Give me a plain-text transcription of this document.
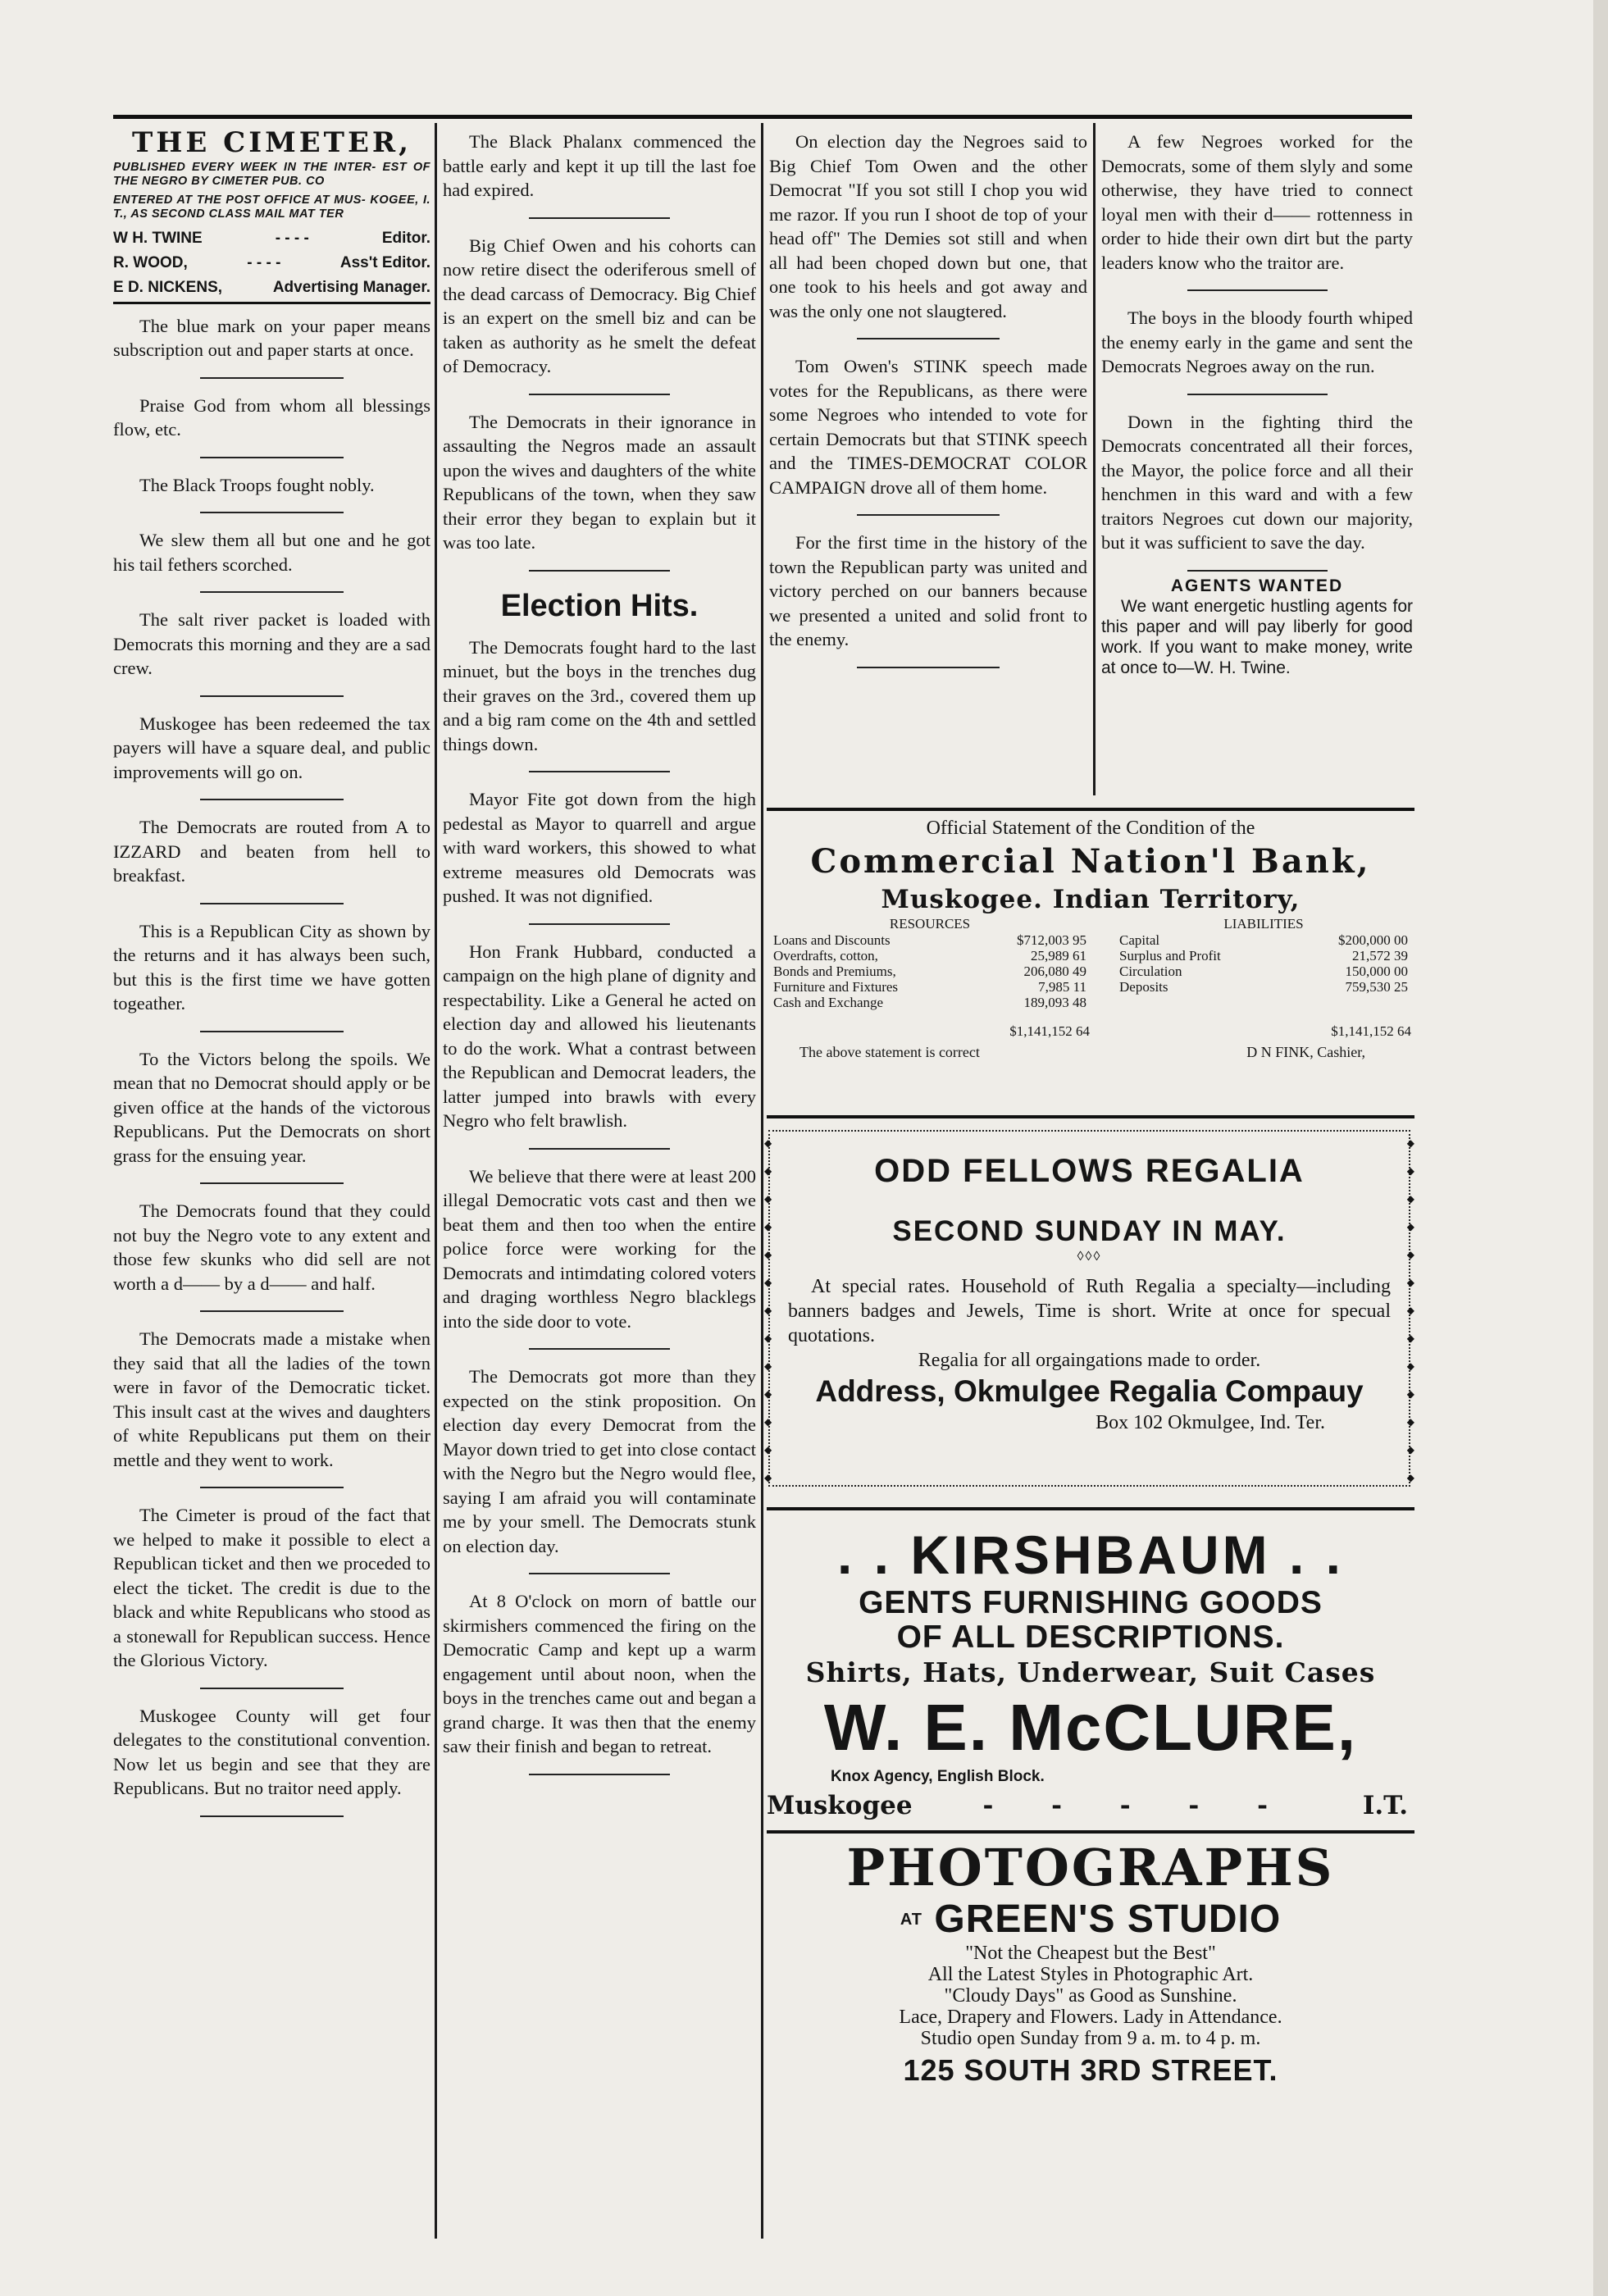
THE CIMETER,
PUBLISHED EVERY WEEK IN THE INTER- EST OF THE NEGRO BY CIMETER PUB. CO
ENTERED AT THE POST OFFICE AT MUS- KOGEE, I. T., AS SECOND CLASS MAIL MAT TER
W H. TWINE	- - - -	Editor.
R. WOOD,	- - - -	Ass't Editor.
E D. NICKENS,	Advertising Manager.

The blue mark on your paper means subscription out and paper starts at once.

Praise God from whom all blessings flow, etc.

The Black Troops fought nobly.

We slew them all but one and he got his tail fethers scorched.

The salt river packet is loaded with Democrats this morning and they are a sad crew.

Muskogee has been redeemed the tax payers will have a square deal, and public improvements will go on.

The Democrats are routed from A to IZZARD and beaten from hell to breakfast.

This is a Republican City as shown by the returns and it has always been such, but this is the first time we have gotten togeather.

To the Victors belong the spoils. We mean that no Democrat should apply or be given office at the hands of the victorous Republicans. Put the Democrats on short grass for the ensuing year.

The Democrats found that they could not buy the Negro vote to any extent and those few skunks who did sell are not worth a d—— by a d—— and half.

The Democrats made a mistake when they said that all the ladies of the town were in favor of the Democratic ticket. This insult cast at the wives and daughters of white Republicans put them on their mettle and they went to work.

The Cimeter is proud of the fact that we helped to make it possible to elect a Republican ticket and then we proceded to elect the ticket. The credit is due to the black and white Republicans who stood as a stonewall for Republican success. Hence the Glorious Victory.

Muskogee County will get four delegates to the constitutional convention. Now let us begin and see that they are Republicans. But no traitor need apply.

The Black Phalanx commenced the battle early and kept it up till the last foe had expired.

Big Chief Owen and his cohorts can now retire disect the oderiferous smell of the dead carcass of Democracy. Big Chief is an expert on the smell biz and can be taken as authority as he smelt the defeat of Democracy.

The Democrats in their ignorance in assaulting the Negros made an assault upon the wives and daughters of the white Republicans of the town, when they saw their error they began to explain but it was too late.

Election Hits.

The Democrats fought hard to the last minuet, but the boys in the trenches dug their graves on the 3rd., covered them up and a big ram come on the 4th and settled things down.

Mayor Fite got down from the high pedestal as Mayor to quarrell and argue with ward workers, this showed to what extreme measures old Democrats was pushed. It was not dignified.

Hon Frank Hubbard, conducted a campaign on the high plane of dignity and respectability. Like a General he acted on election day and allowed his lieutenants to do the work. What a contrast between the Republican and Democrat leaders, the latter jumped into brawls with every Negro who felt brawlish.

We believe that there were at least 200 illegal Democratic vots cast and then we beat them and then too when the entire police force were working for the Democrats and intimdating colored voters and draging worthless Negro blacklegs into the side door to vote.

The Democrats got more than they expected on the stink proposition. On election day every Democrat from the Mayor down tried to get into close contact with the Negro but the Negro would flee, saying I am afraid you will contaminate me by your smell. The Democrats stunk on election day.

At 8 O'clock on morn of battle our skirmishers commenced the firing on the Democratic Camp and kept up a warm engagement until about noon, when the boys in the trenches came out and began a grand charge. It was then that the enemy saw their finish and began to retreat.

On election day the Negroes said to Big Chief Tom Owen and the other Democrat "If you sot still I chop you wid me razor. If you run I shoot de top of your head off" The Demies sot still and when all had been choped down but one, that one took to his heels and got away and was the only one not slaugtered.

Tom Owen's STINK speech made votes for the Republicans, as there were some Negroes who intended to vote for certain Democrats but that STINK speech and the TIMES-DEMOCRAT COLOR CAMPAIGN drove all of them home.

For the first time in the history of the town the Republican party was united and victory perched on our banners because we presented a united and solid front to the enemy.

A few Negroes worked for the Democrats, some of them slyly and some otherwise, they have tried to connect loyal men with their d—— rottenness in order to hide their own dirt but the party leaders know who the traitor are.

The boys in the bloody fourth whiped the enemy early in the game and sent the Democrats Negroes away on the run.

Down in the fighting third the Democrats concentrated all their forces, the Mayor, the police force and all their henchmen in this ward and with a few traitors Negroes cut down our majority, but it was sufficient to save the day.

AGENTS WANTED

We want energetic hustling agents for this paper and will pay liberly for good work. If you want to make money, write at once to—W. H. Twine.

Official Statement of the Condition of the
Commercial Nation'l Bank,
Muskogee. Indian Territory,
RESOURCES
Loans and Discounts	$712,003 95
Overdrafts, cotton,	25,989 61
Bonds and Premiums,	206,080 49
Furniture and Fixtures	7,985 11
Cash and Exchange	189,093 48
$1,141,152 64
LIABILITIES
Capital	$200,000 00
Surplus and Profit	21,572 39
Circulation	150,000 00
Deposits	759,530 25
$1,141,152 64
The above statement is correct	D N FINK, Cashier,
ODD FELLOWS REGALIA
SECOND SUNDAY IN MAY.
◊◊◊
At special rates. Household of Ruth Regalia a specialty—including banners badges and Jewels, Time is short. Write at once for specual quotations.
Regalia for all orgaingations made to order.
Address, Okmulgee Regalia Compauy
Box 102 Okmulgee, Ind. Ter.
◆	◆
◆	◆
◆	◆
◆	◆
◆	◆
◆	◆
◆	◆
◆	◆
◆	◆
◆	◆
◆	◆
◆	◆
◆	◆
. . KIRSHBAUM . .
GENTS FURNISHING GOODS
OF ALL DESCRIPTIONS.
Shirts, Hats, Underwear, Suit Cases
W. E. McCLURE,
Knox Agency, English Block.
Muskogee	- - - - -	I.T.
PHOTOGRAPHS
$^{AT}$ GREEN'S STUDIO
"Not the Cheapest but the Best"
All the Latest Styles in Photographic Art.
"Cloudy Days" as Good as Sunshine.
Lace, Drapery and Flowers. Lady in Attendance.
Studio open Sunday from 9 a. m. to 4 p. m.
125 SOUTH 3RD STREET.
